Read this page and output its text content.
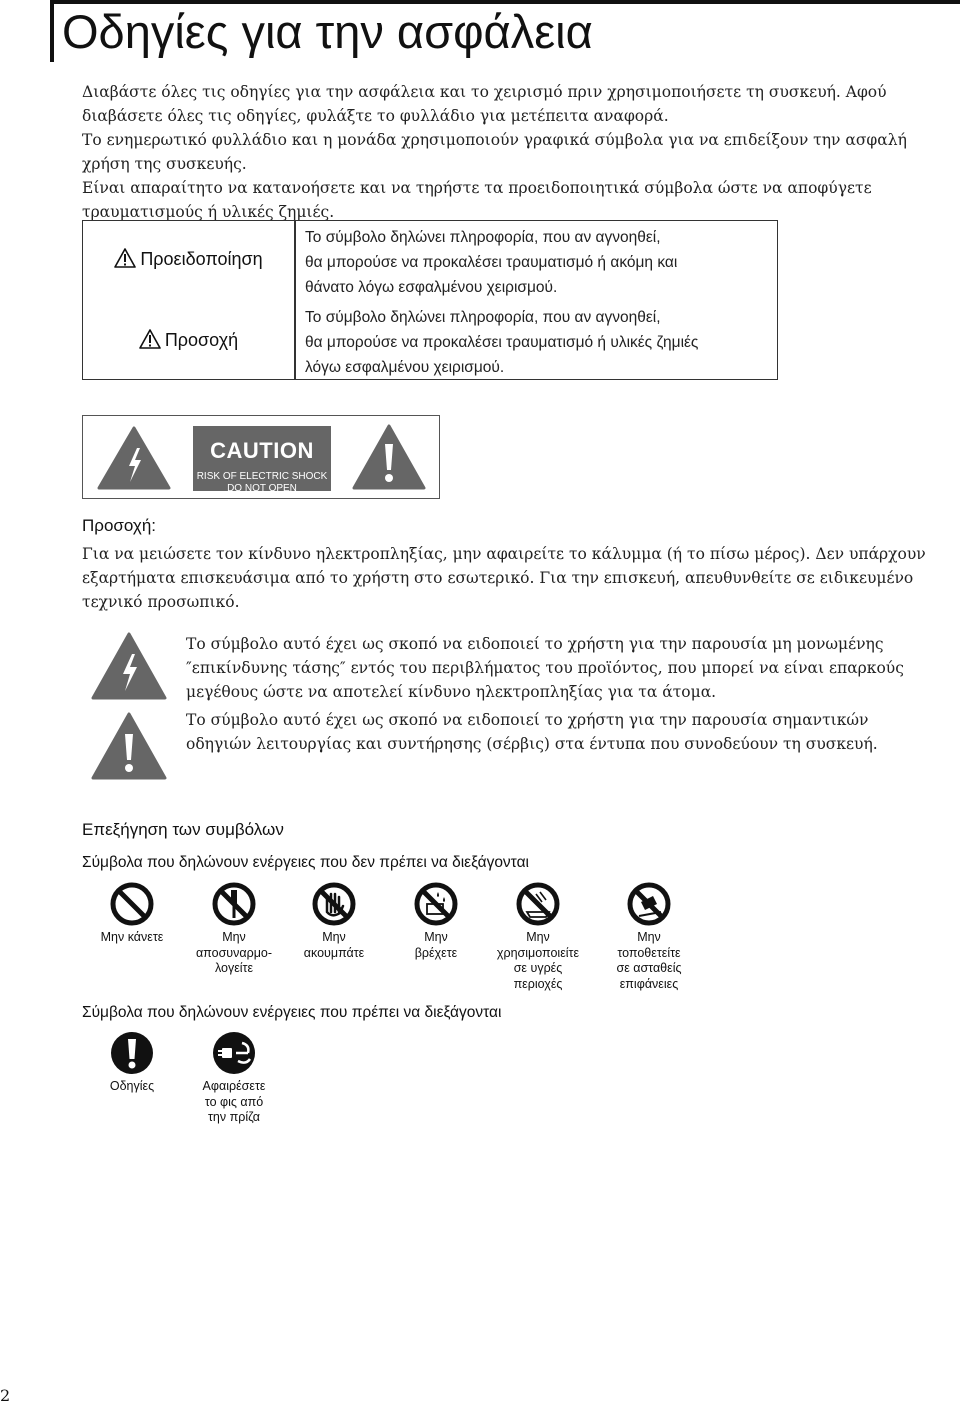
Οδηγίες για την ασφάλεια
Διαβάστε όλες τις οδηγίες για την ασφάλεια και το χειρισμό πριν χρησιμοποιήσετε τη συσκευή. Αφού
διαβάσετε όλες τις οδηγίες, φυλάξτε το φυλλάδιο για μετέπειτα αναφορά.
Το ενημερωτικό φυλλάδιο και η μονάδα χρησιμοποιούν γραφικά σύμβολα για να επιδείξουν την ασφαλή
χρήση της συσκευής.
Είναι απαραίτητο να κατανοήσετε και να τηρήστε τα προειδοποιητικά σύμβολα ώστε να αποφύγετε
τραυματισμούς ή υλικές ζημιές.
Προειδοποίηση
Το σύμβολο δηλώνει πληροφορία, που αν αγνοηθεί,
θα μπορούσε να προκαλέσει τραυματισμό ή ακόμη και
θάνατο λόγω εσφαλμένου χειρισμού.
Προσοχή
Το σύμβολο δηλώνει πληροφορία, που αν αγνοηθεί,
θα μπορούσε να προκαλέσει τραυματισμό ή υλικές ζημιές
λόγω εσφαλμένου χειρισμού.
CAUTION
RISK OF ELECTRIC SHOCK
DO NOT OPEN
Προσοχή:
Για να μειώσετε τον κίνδυνο ηλεκτροπληξίας, μην αφαιρείτε το κάλυμμα (ή το πίσω μέρος). Δεν υπάρχουν
εξαρτήματα επισκευάσιμα από το χρήστη στο εσωτερικό. Για την επισκευή, απευθυνθείτε σε ειδικευμένο
τεχνικό προσωπικό.
Το σύμβολο αυτό έχει ως σκοπό να ειδοποιεί το χρήστη για την παρουσία μη μονωμένης
″επικίνδυνης τάσης″ εντός του περιβλήματος του προϊόντος, που μπορεί να είναι επαρκούς
μεγέθους ώστε να αποτελεί κίνδυνο ηλεκτροπληξίας για τα άτομα.
Το σύμβολο αυτό έχει ως σκοπό να ειδοποιεί το χρήστη για την παρουσία σημαντικών
οδηγιών λειτουργίας και συντήρησης (σέρβις) στα έντυπα που συνοδεύουν τη συσκευή.
Επεξήγηση των συμβόλων
Σύμβολα που δηλώνουν ενέργειες που δεν πρέπει να διεξάγονται
Μην κάνετε	Μην
αποσυναρμο-
λογείτε
Μην
ακουμπάτε
Μην
βρέχετε
Μην
χρησιμοποιείτε
σε υγρές
περιοχές
Μην
τοποθετείτε
σε ασταθείς
επιφάνειες
Σύμβολα που δηλώνουν ενέργειες που πρέπει να διεξάγονται
Οδηγίες	Αφαιρέσετε
το φις από
την πρίζα
2
